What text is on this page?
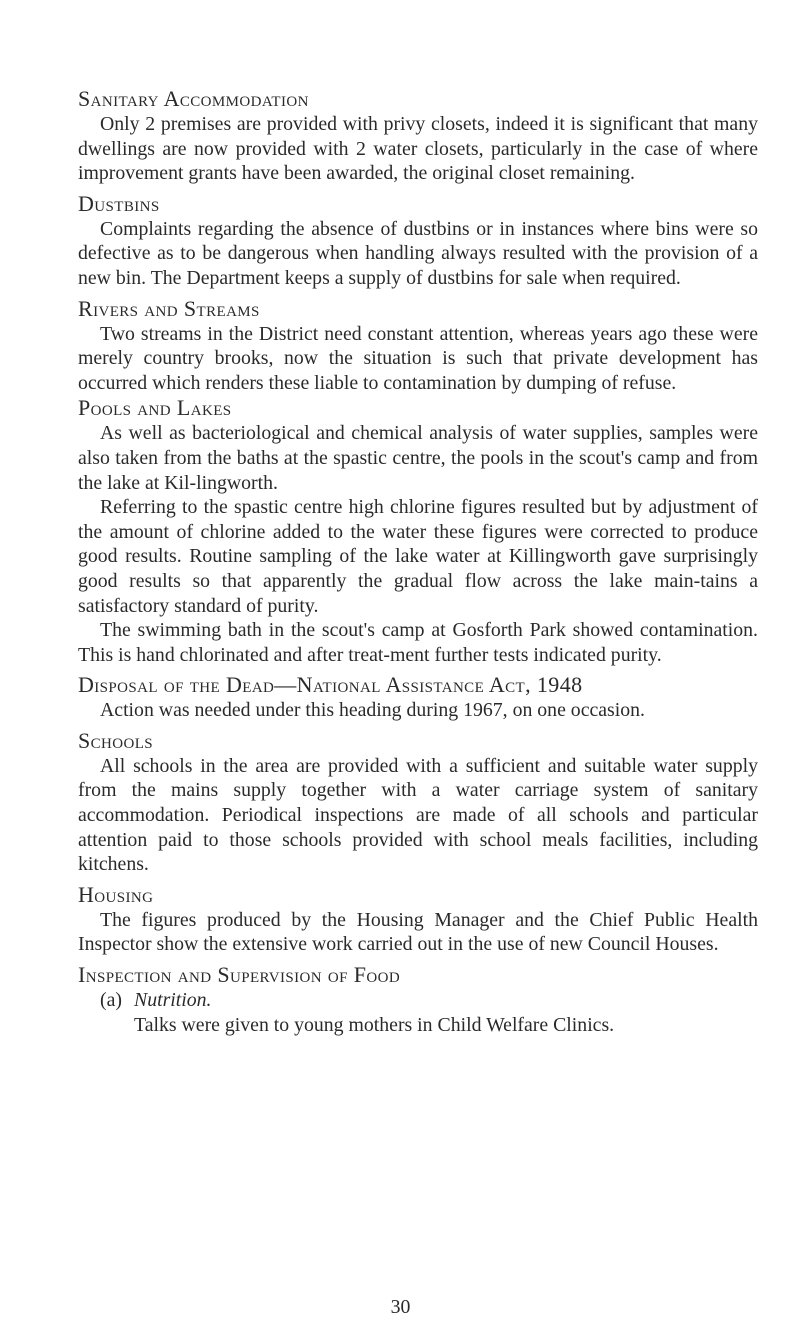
Sanitary Accommodation

Only 2 premises are provided with privy closets, indeed it is significant that many dwellings are now provided with 2 water closets, particularly in the case of where improvement grants have been awarded, the original closet remaining.

Dustbins

Complaints regarding the absence of dustbins or in instances where bins were so defective as to be dangerous when handling always resulted with the provision of a new bin. The Department keeps a supply of dustbins for sale when required.

Rivers and Streams

Two streams in the District need constant attention, whereas years ago these were merely country brooks, now the situation is such that private development has occurred which renders these liable to contamination by dumping of refuse.

Pools and Lakes

As well as bacteriological and chemical analysis of water supplies, samples were also taken from the baths at the spastic centre, the pools in the scout's camp and from the lake at Kil-lingworth.

Referring to the spastic centre high chlorine figures resulted but by adjustment of the amount of chlorine added to the water these figures were corrected to produce good results. Routine sampling of the lake water at Killingworth gave surprisingly good results so that apparently the gradual flow across the lake main-tains a satisfactory standard of purity.

The swimming bath in the scout's camp at Gosforth Park showed contamination. This is hand chlorinated and after treat-ment further tests indicated purity.

Disposal of the Dead—National Assistance Act, 1948

Action was needed under this heading during 1967, on one occasion.

Schools

All schools in the area are provided with a sufficient and suitable water supply from the mains supply together with a water carriage system of sanitary accommodation. Periodical inspections are made of all schools and particular attention paid to those schools provided with school meals facilities, including kitchens.

Housing

The figures produced by the Housing Manager and the Chief Public Health Inspector show the extensive work carried out in the use of new Council Houses.

Inspection and Supervision of Food

(a) Nutrition.

Talks were given to young mothers in Child Welfare Clinics.

30
